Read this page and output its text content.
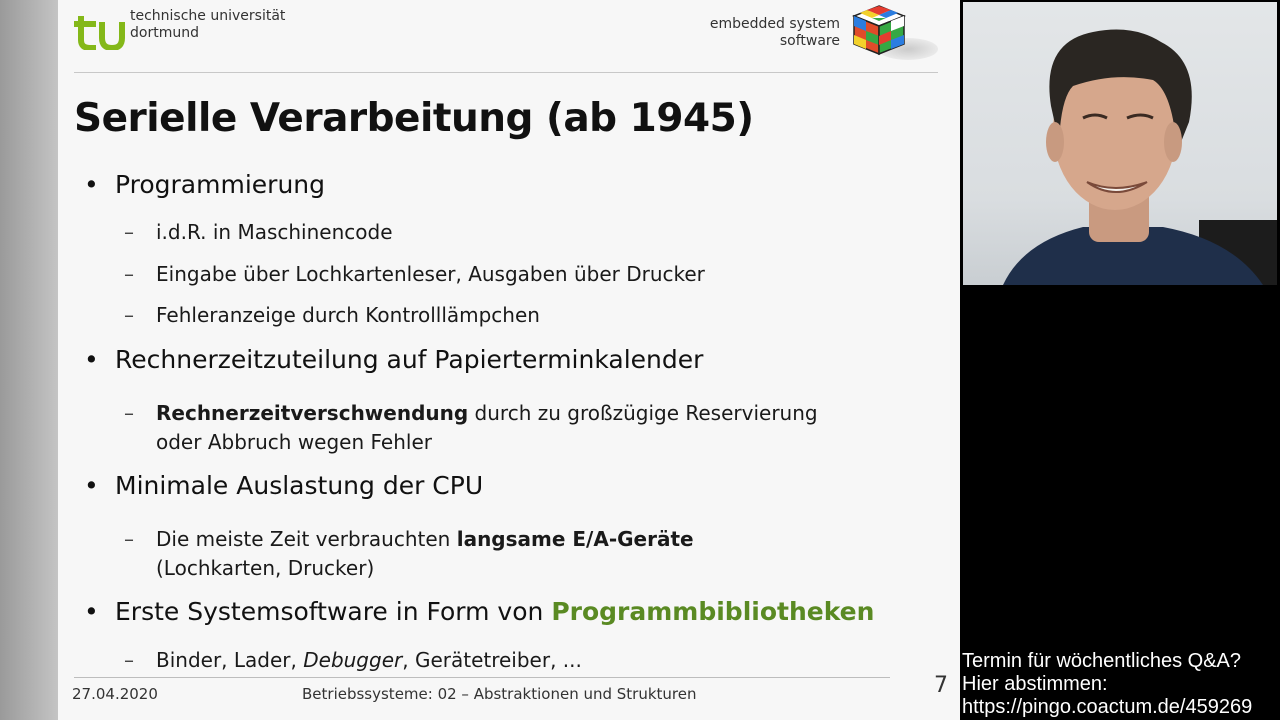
technische universität
dortmund
embedded system
software
Serielle Verarbeitung (ab 1945)
• Programmierung
– i.d.R. in Maschinencode
– Eingabe über Lochkartenleser, Ausgaben über Drucker
– Fehleranzeige durch Kontrolllämpchen
• Rechnerzeitzuteilung auf Papierterminkalender
– Rechnerzeitverschwendung durch zu großzügige Reservierung
oder Abbruch wegen Fehler
• Minimale Auslastung der CPU
– Die meiste Zeit verbrauchten langsame E/A-Geräte
(Lochkarten, Drucker)
• Erste Systemsoftware in Form von Programmbibliotheken
– Binder, Lader, Debugger, Gerätetreiber, ...
27.04.2020	Betriebssysteme: 02 – Abstraktionen und Strukturen	7
Termin für wöchentliches Q&A?
Hier abstimmen:
https://pingo.coactum.de/459269
